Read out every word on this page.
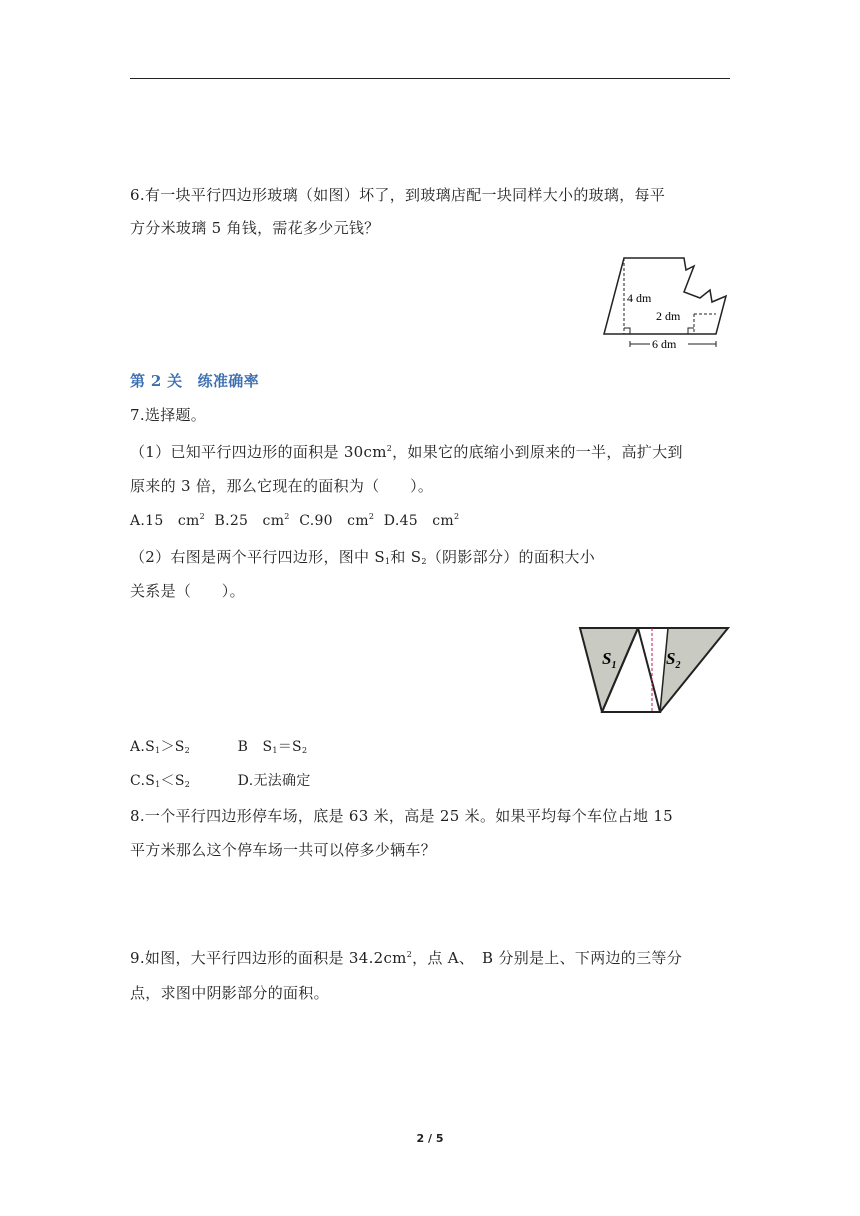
6.有一块平行四边形玻璃（如图）坏了，到玻璃店配一块同样大小的玻璃，每平
方分米玻璃 5 角钱，需花多少元钱？
4 dm
2 dm
6 dm
第 2 关　练准确率
7.选择题。
（1）已知平行四边形的面积是 $30cm^2$，如果它的底缩小到原来的一半，高扩大到
原来的 3 倍，那么它现在的面积为（　　）。
A.15　$cm^2$ B.25　$cm^2$ C.90　$cm^2$ D.45　$cm^2$
（2）右图是两个平行四边形，图中 $S_1$和 $S_2$（阴影部分）的面积大小
关系是（　　）。
$S_1$	$S_2$
$A.S_1>S_2$	B　$S_1=S_2$
$C.S_1<S_2$	D.无法确定
8.一个平行四边形停车场，底是 63 米，高是 25 米。如果平均每个车位占地 15
平方米那么这个停车场一共可以停多少辆车？
9.如图，大平行四边形的面积是 $34.2cm^2$，点 A、　B 分别是上、下两边的三等分
点，求图中阴影部分的面积。
2 / 5
